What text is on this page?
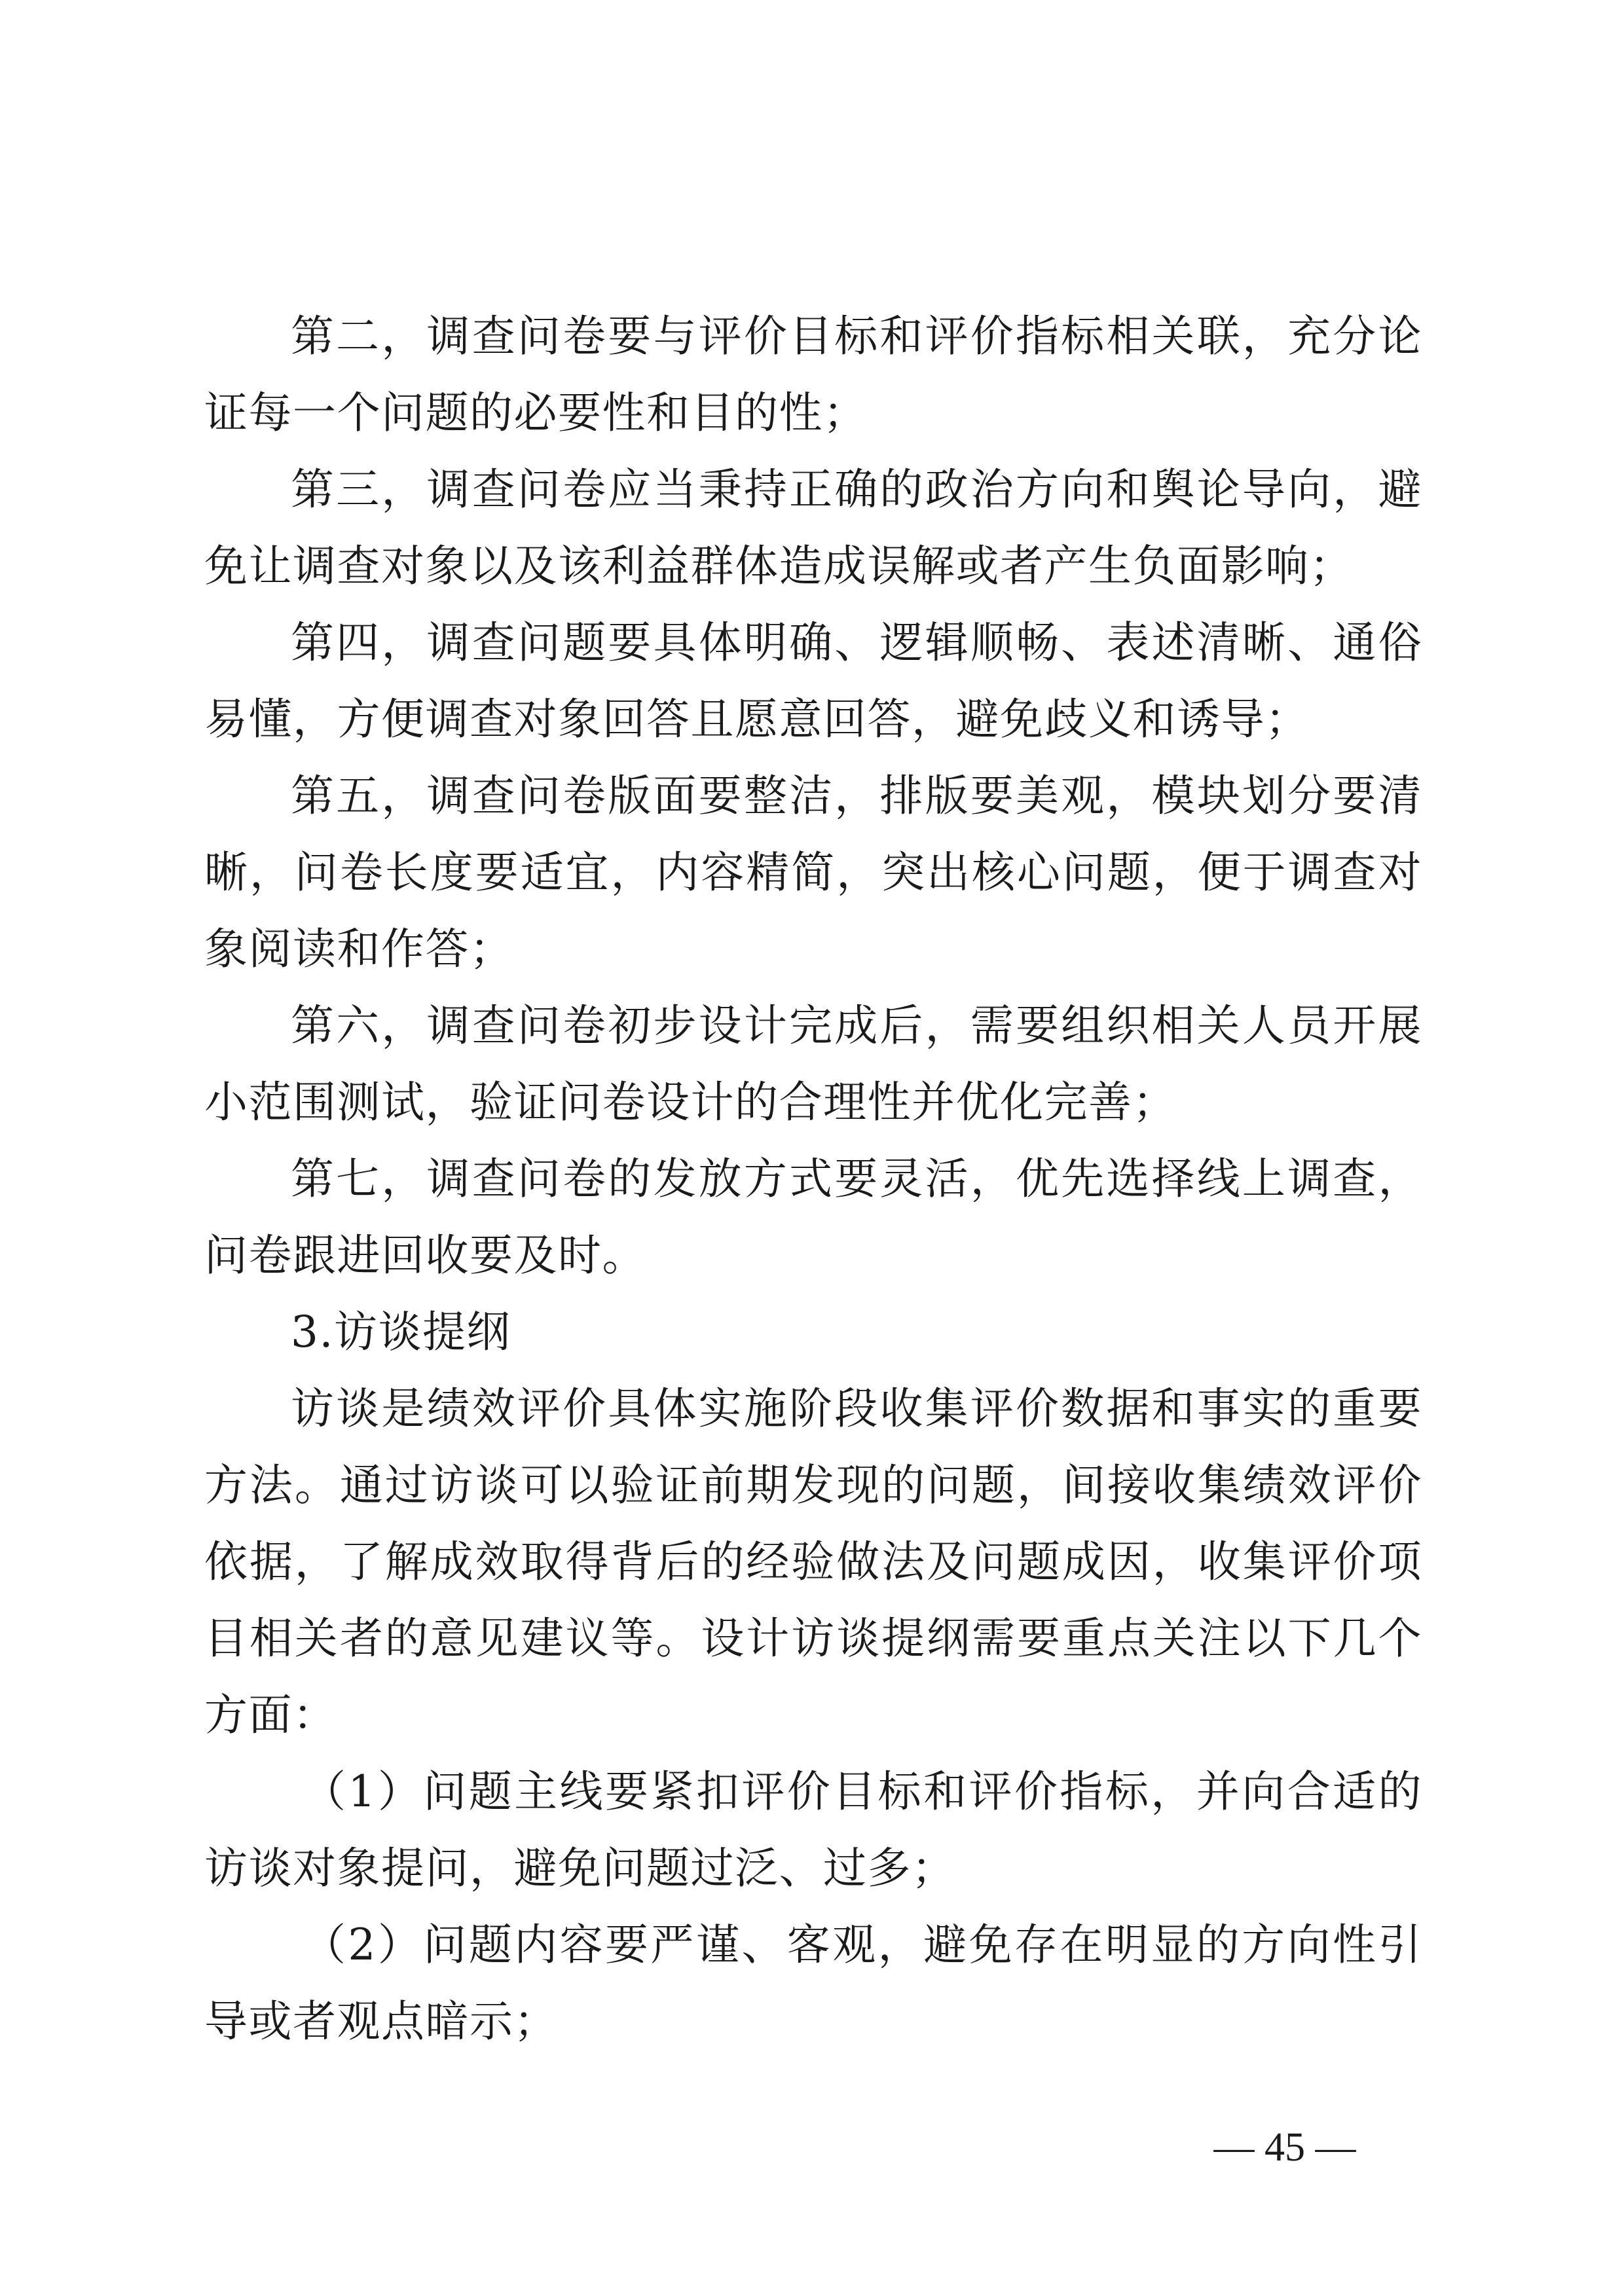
第二，调查问卷要与评价目标和评价指标相关联，充分论证每一个问题的必要性和目的性；

第三，调查问卷应当秉持正确的政治方向和舆论导向，避免让调查对象以及该利益群体造成误解或者产生负面影响；

第四，调查问题要具体明确、逻辑顺畅、表述清晰、通俗易懂，方便调查对象回答且愿意回答，避免歧义和诱导；

第五，调查问卷版面要整洁，排版要美观，模块划分要清晰，问卷长度要适宜，内容精简，突出核心问题，便于调查对象阅读和作答；

第六，调查问卷初步设计完成后，需要组织相关人员开展小范围测试，验证问卷设计的合理性并优化完善；

第七，调查问卷的发放方式要灵活，优先选择线上调查，问卷跟进回收要及时。

3.访谈提纲

访谈是绩效评价具体实施阶段收集评价数据和事实的重要方法。通过访谈可以验证前期发现的问题，间接收集绩效评价依据，了解成效取得背后的经验做法及问题成因，收集评价项目相关者的意见建议等。设计访谈提纲需要重点关注以下几个方面：

（1）问题主线要紧扣评价目标和评价指标，并向合适的访谈对象提问，避免问题过泛、过多；

（2）问题内容要严谨、客观，避免存在明显的方向性引导或者观点暗示；

— 45 —
